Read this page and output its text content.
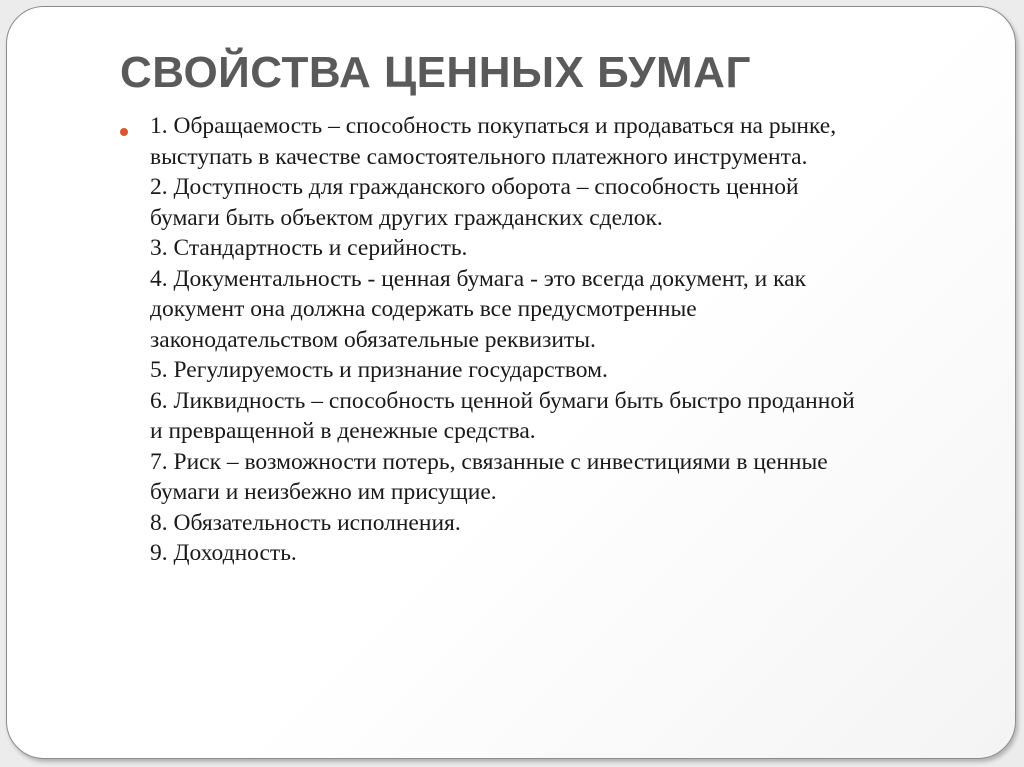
СВОЙСТВА ЦЕННЫХ БУМАГ
1. Обращаемость – способность покупаться и продаваться на рынке,
выступать в качестве самостоятельного платежного инструмента.
2. Доступность для гражданского оборота – способность ценной
бумаги быть объектом других гражданских сделок.
3. Стандартность и серийность.
4. Документальность - ценная бумага - это всегда документ, и как
документ она должна содержать все предусмотренные
законодательством обязательные реквизиты.
5. Регулируемость и признание государством.
6. Ликвидность – способность ценной бумаги быть быстро проданной
и превращенной в денежные средства.
7. Риск – возможности потерь, связанные с инвестициями в ценные
бумаги и неизбежно им присущие.
8. Обязательность исполнения.
9. Доходность.
